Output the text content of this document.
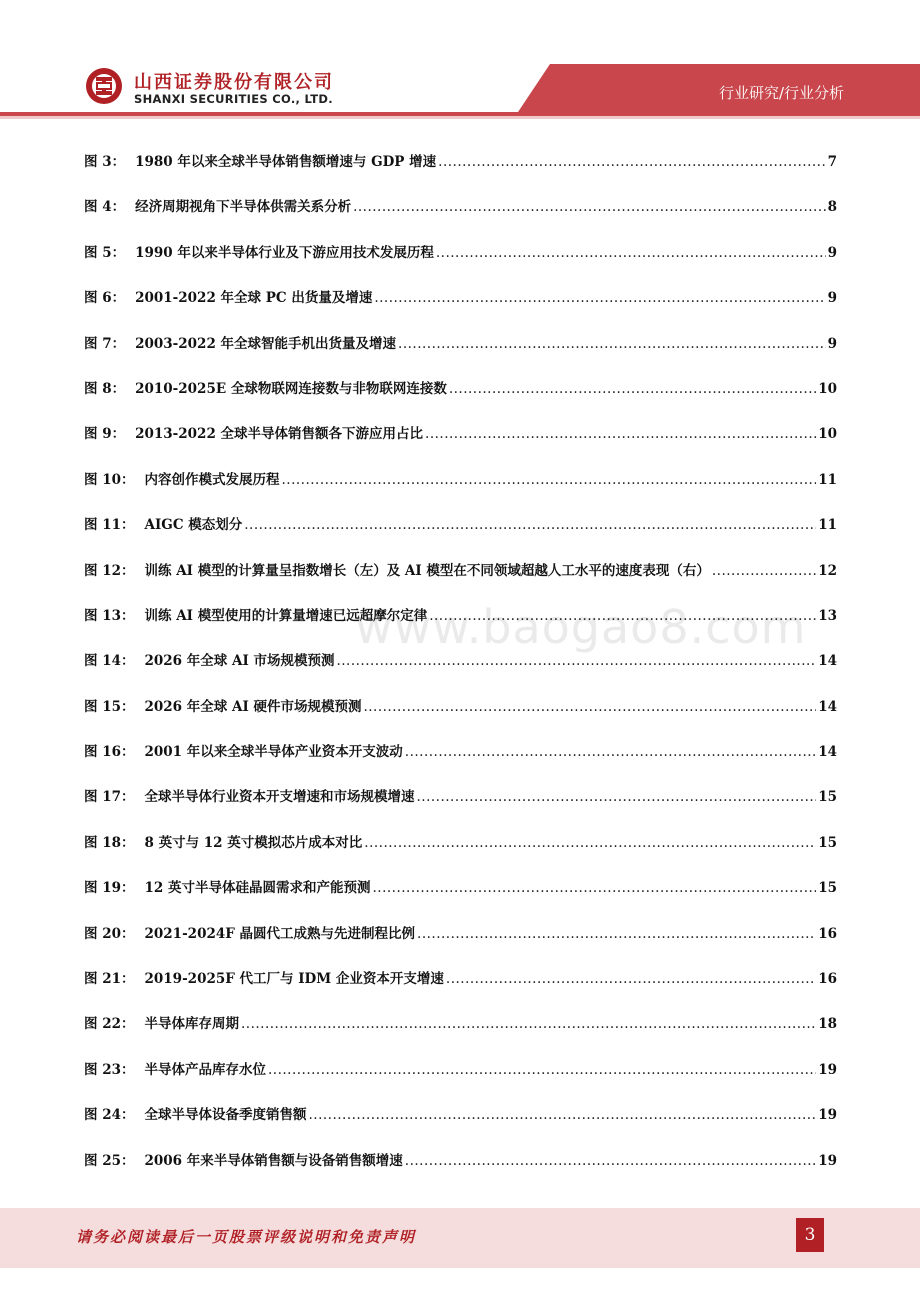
山西证券股份有限公司
SHANXI SECURITIES CO., LTD.	行业研究/行业分析
www.baogao8.com
图 3： 1980 年以来全球半导体销售额增速与 GDP 增速 .....	7
图 4： 经济周期视角下半导体供需关系分析 .....	8
图 5： 1990 年以来半导体行业及下游应用技术发展历程 .....	9
图 6： 2001-2022 年全球 PC 出货量及增速 .....	9
图 7： 2003-2022 年全球智能手机出货量及增速 .....	9
图 8： 2010-2025E 全球物联网连接数与非物联网连接数 .....	10
图 9： 2013-2022 全球半导体销售额各下游应用占比 .....	10
图 10： 内容创作模式发展历程 .....	11
图 11： AIGC 模态划分 .....	11
图 12： 训练 AI 模型的计算量呈指数增长（左）及 AI 模型在不同领域超越人工水平的速度表现（右） .....	12
图 13： 训练 AI 模型使用的计算量增速已远超摩尔定律 .....	13
图 14： 2026 年全球 AI 市场规模预测 .....	14
图 15： 2026 年全球 AI 硬件市场规模预测 .....	14
图 16： 2001 年以来全球半导体产业资本开支波动 .....	14
图 17： 全球半导体行业资本开支增速和市场规模增速 .....	15
图 18： 8 英寸与 12 英寸模拟芯片成本对比 .....	15
图 19： 12 英寸半导体硅晶圆需求和产能预测 .....	15
图 20： 2021-2024F 晶圆代工成熟与先进制程比例 .....	16
图 21： 2019-2025F 代工厂与 IDM 企业资本开支增速 .....	16
图 22： 半导体库存周期 .....	18
图 23： 半导体产品库存水位 .....	19
图 24： 全球半导体设备季度销售额 .....	19
图 25： 2006 年来半导体销售额与设备销售额增速 .....	19
请务必阅读最后一页股票评级说明和免责声明	3
